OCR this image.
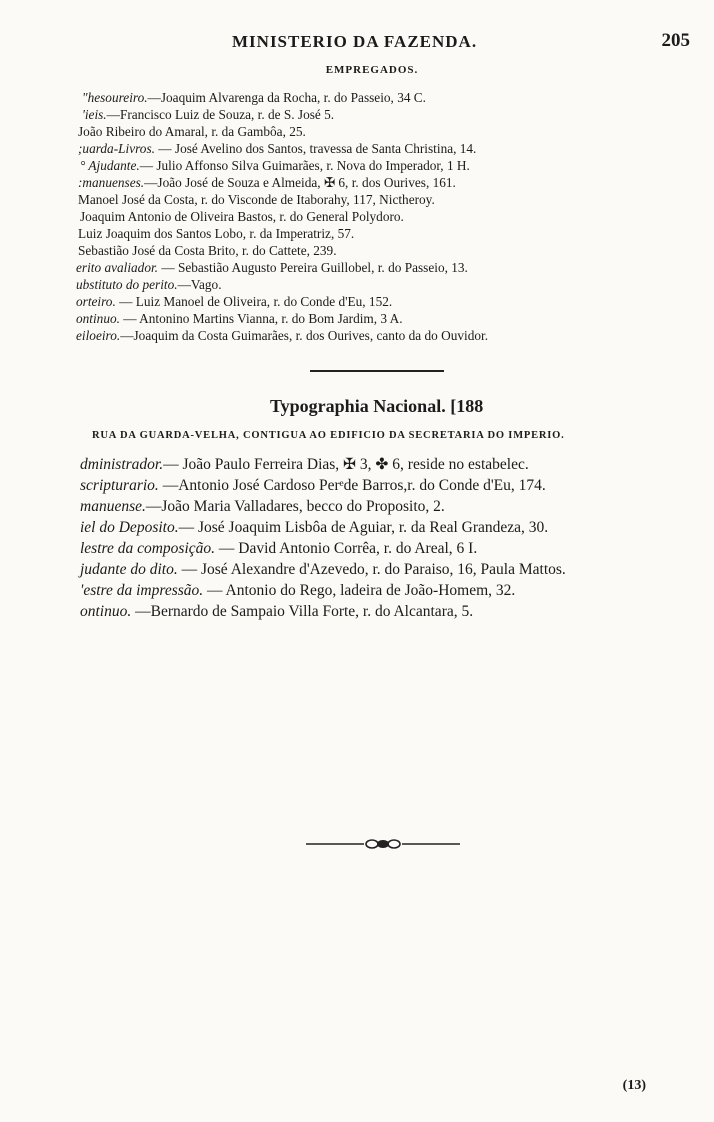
MINISTERIO DA FAZENDA.	205
EMPREGADOS.
"hesoureiro.—Joaquim Alvarenga da Rocha, r. do Passeio, 34 C.
'ieis.—Francisco Luiz de Souza, r. de S. José 5.
João Ribeiro do Amaral, r. da Gambôa, 25.
;uarda-Livros. — José Avelino dos Santos, travessa de Santa Christina, 14.
° Ajudante.— Julio Affonso Silva Guimarães, r. Nova do Imperador, 1 H.
:manuenses.—João José de Souza e Almeida, ✠ 6, r. dos Ourives, 161.
Manoel José da Costa, r. do Visconde de Itaborahy, 117, Nictheroy.
Joaquim Antonio de Oliveira Bastos, r. do General Polydoro.
Luiz Joaquim dos Santos Lobo, r. da Imperatriz, 57.
Sebastião José da Costa Brito, r. do Cattete, 239.
erito avaliador. — Sebastião Augusto Pereira Guillobel, r. do Passeio, 13.
ubstituto do perito.—Vago.
orteiro. — Luiz Manoel de Oliveira, r. do Conde d'Eu, 152.
ontinuo. — Antonino Martins Vianna, r. do Bom Jardim, 3 A.
eiloeiro.—Joaquim da Costa Guimarães, r. dos Ourives, canto da do Ouvidor.
Typographia Nacional. [188
RUA DA GUARDA-VELHA, CONTIGUA AO EDIFICIO DA SECRETARIA DO IMPERIO.
dministrador.— João Paulo Ferreira Dias, ✠ 3, ✤ 6, reside no estabelec.
scripturario. —Antonio José Cardoso Perᵉde Barros,r. do Conde d'Eu, 174.
manuense.—João Maria Valladares, becco do Proposito, 2.
iel do Deposito.— José Joaquim Lisbôa de Aguiar, r. da Real Grandeza, 30.
lestre da composição. — David Antonio Corrêa, r. do Areal, 6 I.
judante do dito. — José Alexandre d'Azevedo, r. do Paraiso, 16, Paula Mattos.
'estre da impressão. — Antonio do Rego, ladeira de João-Homem, 32.
ontinuo. —Bernardo de Sampaio Villa Forte, r. do Alcantara, 5.
(13)
